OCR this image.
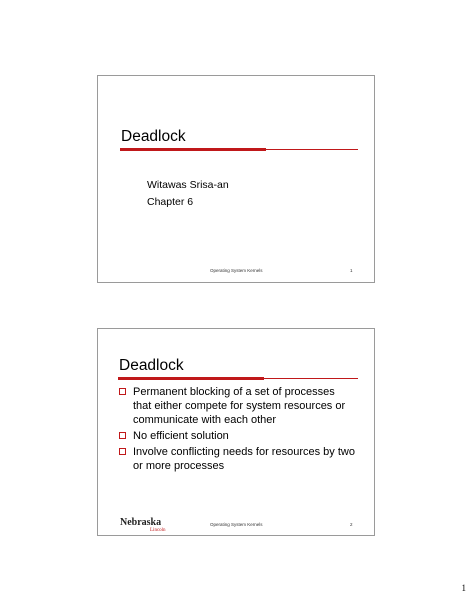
Deadlock
Witawas Srisa-an
Chapter 6
Operating System Kernels	1
Deadlock
Permanent blocking of a set of processes that either compete for system resources or communicate with each other
No efficient solution
Involve conflicting needs for resources by two or more processes
Nebraska
Lincoln
Operating System Kernels	2
1
